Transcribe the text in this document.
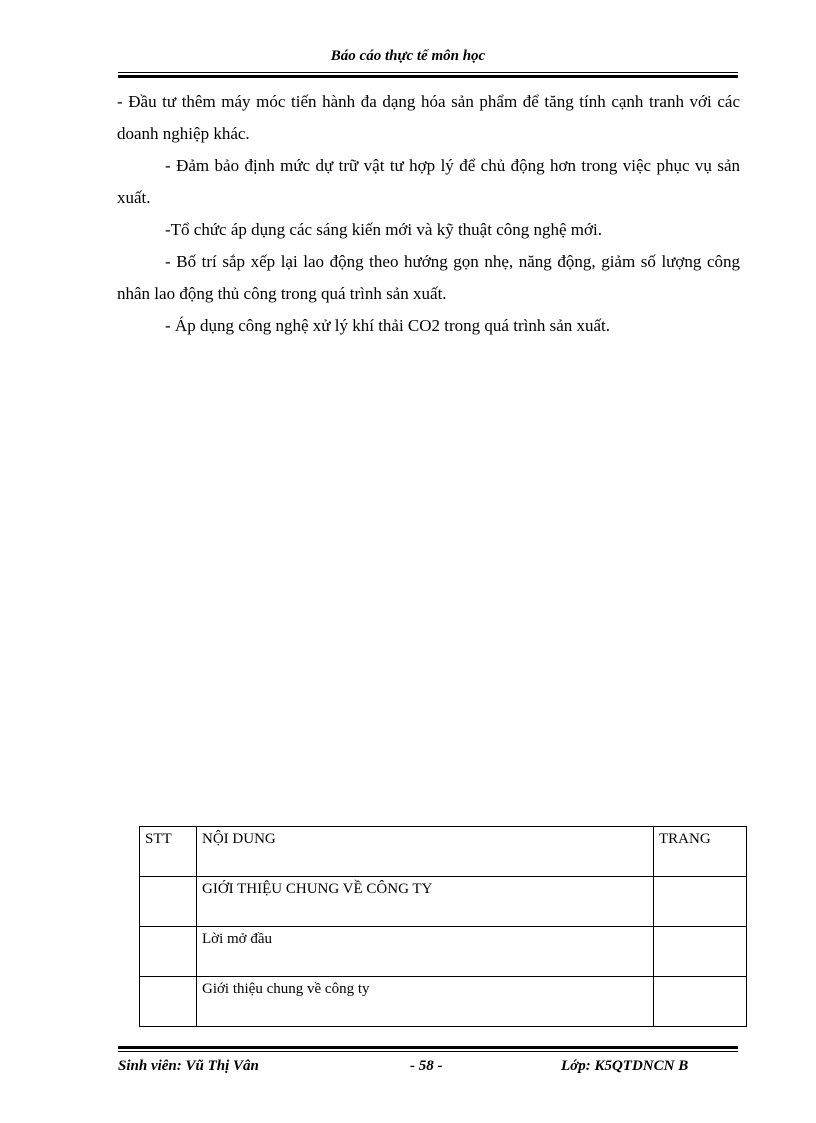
Báo cáo thực tế môn học

- Đầu tư thêm máy móc tiến hành đa dạng hóa sản phẩm để tăng tính cạnh tranh với các doanh nghiệp khác.

- Đảm bảo định mức dự trữ vật tư hợp lý để chủ động hơn trong việc phục vụ sản xuất.

-Tổ chức áp dụng các sáng kiến mới và kỹ thuật công nghệ mới.

- Bố trí sắp xếp lại lao động theo hướng gọn nhẹ, năng động, giảm số lượng công nhân lao động thủ công trong quá trình sản xuất.

- Áp dụng công nghệ xử lý khí thải CO2 trong quá trình sản xuất.

STT	NỘI DUNG	TRANG
	GIỚI THIỆU CHUNG VỀ CÔNG TY	
	Lời mở đầu	
	Giới thiệu chung về công ty	
Sinh viên: Vũ Thị Vân	- 58 -	Lớp: K5QTDNCN B
